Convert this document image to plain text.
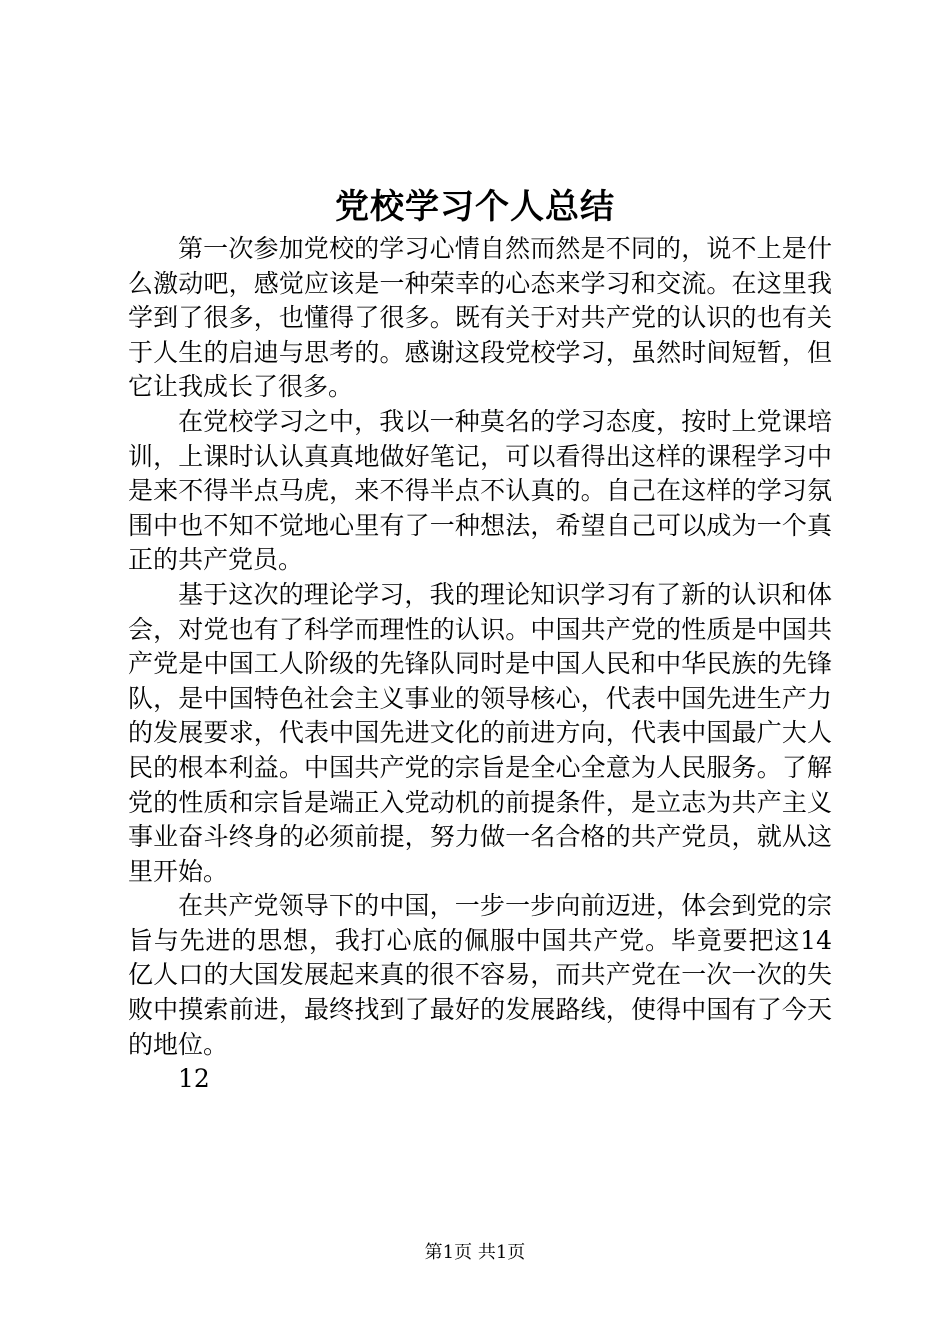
党校学习个人总结

第一次参加党校的学习心情自然而然是不同的，说不上是什么激动吧，感觉应该是一种荣幸的心态来学习和交流。在这里我学到了很多，也懂得了很多。既有关于对共产党的认识的也有关于人生的启迪与思考的。感谢这段党校学习，虽然时间短暂，但它让我成长了很多。

在党校学习之中，我以一种莫名的学习态度，按时上党课培训，上课时认认真真地做好笔记，可以看得出这样的课程学习中是来不得半点马虎，来不得半点不认真的。自己在这样的学习氛围中也不知不觉地心里有了一种想法，希望自己可以成为一个真正的共产党员。

基于这次的理论学习，我的理论知识学习有了新的认识和体会，对党也有了科学而理性的认识。中国共产党的性质是中国共产党是中国工人阶级的先锋队同时是中国人民和中华民族的先锋队，是中国特色社会主义事业的领导核心，代表中国先进生产力的发展要求，代表中国先进文化的前进方向，代表中国最广大人民的根本利益。中国共产党的宗旨是全心全意为人民服务。了解党的性质和宗旨是端正入党动机的前提条件，是立志为共产主义事业奋斗终身的必须前提，努力做一名合格的共产党员，就从这里开始。

在共产党领导下的中国，一步一步向前迈进，体会到党的宗旨与先进的思想，我打心底的佩服中国共产党。毕竟要把这14亿人口的大国发展起来真的很不容易，而共产党在一次一次的失败中摸索前进，最终找到了最好的发展路线，使得中国有了今天的地位。

12

第1页 共1页
